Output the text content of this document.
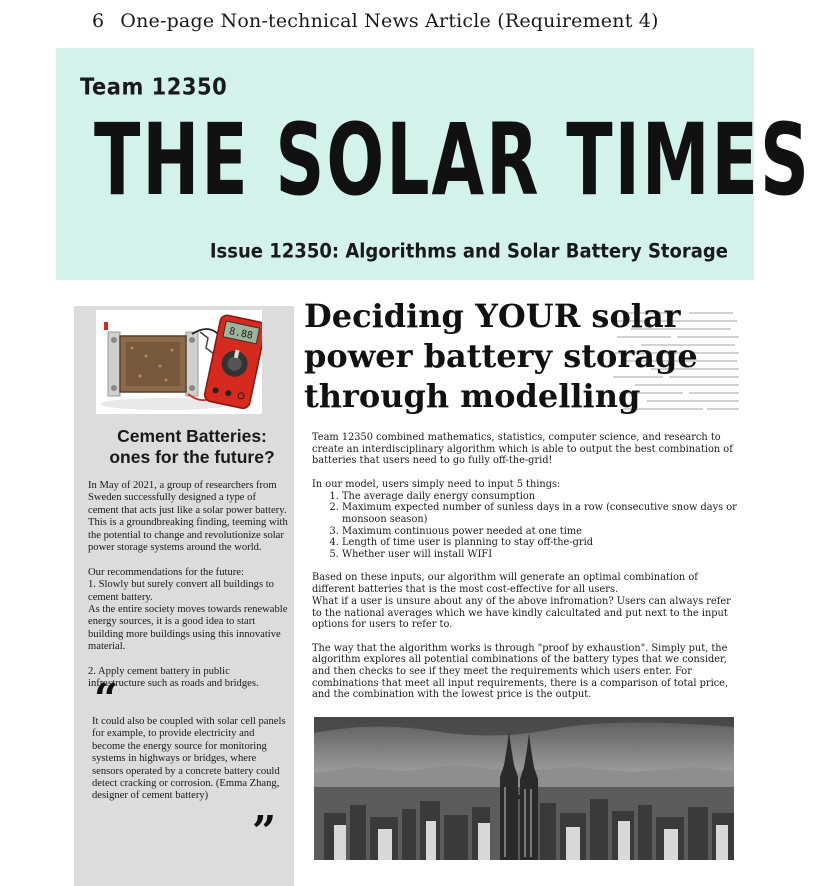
6 One-page Non-technical News Article (Requirement 4)
Team 12350
THE SOLAR TIMES
Issue 12350: Algorithms and Solar Battery Storage
8.88
Cement Batteries:
ones for the future?

In May of 2021, a group of researchers from Sweden successfully designed a type of cement that acts just like a solar power battery. This is a groundbreaking finding, teeming with the potential to change and revolutionize solar power storage systems around the world.

Our recommendations for the future:

1. Slowly but surely convert all buildings to cement battery.

As the entire society moves towards renewable energy sources, it is a good idea to start building more buildings using this innovative material.

2. Apply cement battery in public infrastructure such as roads and bridges.

“
It could also be coupled with solar cell panels for example, to provide electricity and become the energy source for monitoring systems in highways or bridges, where sensors operated by a concrete battery could detect cracking or corrosion. (Emma Zhang, designer of cement battery)
”
Deciding YOUR solar
power battery storage
through modelling

Team 12350 combined mathematics, statistics, computer science, and research to create an interdisciplinary algorithm which is able to output the best combination of batteries that users need to go fully off-the-grid!

In our model, users simply need to input 5 things:

1. The average daily energy consumption
2. Maximum expected number of sunless days in a row (consecutive snow days or monsoon season)
3. Maximum continuous power needed at one time
4. Length of time user is planning to stay off-the-grid
5. Whether user will install WIFI

Based on these inputs, our algorithm will generate an optimal combination of different batteries that is the most cost-effective for all users.

What if a user is unsure about any of the above infromation? Users can always refer to the national averages which we have kindly calcultated and put next to the input options for users to refer to.

The way that the algorithm works is through "proof by exhaustion". Simply put, the algorithm explores all potential combinations of the battery types that we consider, and then checks to see if they meet the requirements which users enter. For combinations that meet all input requirements, there is a comparison of total price, and the combination with the lowest price is the output.
